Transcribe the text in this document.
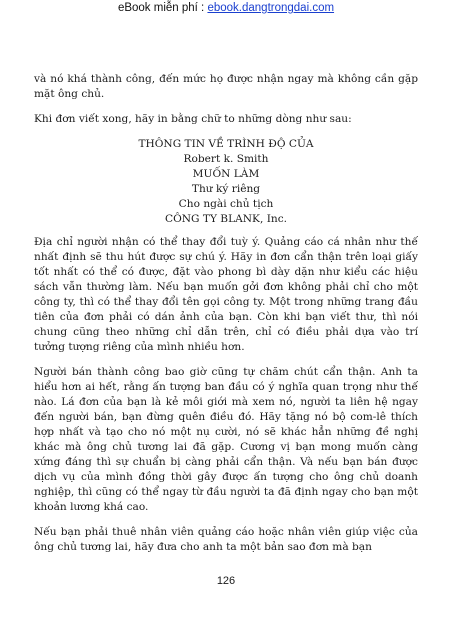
eBook miễn phí : ebook.dangtrongdai.com

và nó khá thành công, đến mức họ được nhận ngay mà không cần gặp mặt ông chủ.

Khi đơn viết xong, hãy in bằng chữ to những dòng như sau:

THÔNG TIN VỀ TRÌNH ĐỘ CỦA

Robert k. Smith

MUỐN LÀM

Thư ký riêng

Cho ngài chủ tịch

CÔNG TY BLANK, Inc.

Địa chỉ người nhận có thể thay đổi tuỳ ý. Quảng cáo cá nhân như thế nhất định sẽ thu hút được sự chú ý. Hãy in đơn cẩn thận trên loại giấy tốt nhất có thể có được, đặt vào phong bì dày dặn như kiểu các hiệu sách vẫn thường làm. Nếu bạn muốn gởi đơn không phải chỉ cho một công ty, thì có thể thay đổi tên gọi công ty. Một trong những trang đầu tiên của đơn phải có dán ảnh của bạn. Còn khi bạn viết thư, thì nói chung cũng theo những chỉ dẫn trên, chỉ có điều phải dựa vào trí tưởng tượng riêng của mình nhiều hơn.

Người bán thành công bao giờ cũng tự chăm chút cẩn thận. Anh ta hiểu hơn ai hết, rằng ấn tượng ban đầu có ý nghĩa quan trọng như thế nào. Lá đơn của bạn là kẻ môi giới mà xem nó, người ta liên hệ ngay đến người bán, bạn đừng quên điều đó. Hãy tặng nó bộ com-lê thích hợp nhất và tạo cho nó một nụ cười, nó sẽ khác hẳn những đề nghị khác mà ông chủ tương lai đã gặp. Cương vị bạn mong muốn càng xứng đáng thì sự chuẩn bị càng phải cẩn thận. Và nếu bạn bán được dịch vụ của mình đồng thời gây được ấn tượng cho ông chủ doanh nghiệp, thì cũng có thể ngay từ đầu người ta đã định ngay cho bạn một khoản lương khá cao.

Nếu bạn phải thuê nhân viên quảng cáo hoặc nhân viên giúp việc của ông chủ tương lai, hãy đưa cho anh ta một bản sao đơn mà bạn

126
